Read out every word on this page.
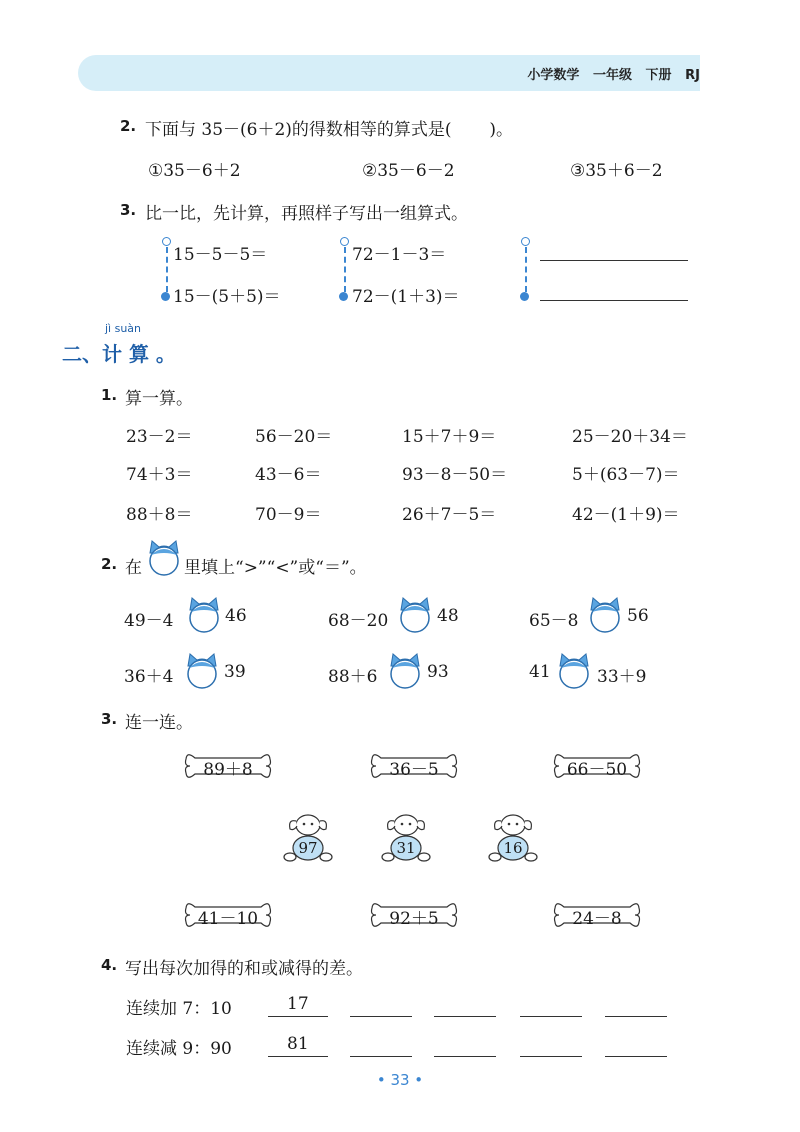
小学数学 一年级 下册 RJ
2. 下面与 35－(6＋2)的得数相等的算式是(       )。
①35－6＋2	②35－6－2	③35＋6－2
3. 比一比，先计算，再照样子写出一组算式。
15－5－5＝
15－(5＋5)＝
72－1－3＝
72－(1＋3)＝
jì suàn
二、计 算 。
1. 算一算。
23－2＝	56－20＝	15＋7＋9＝	25－20＋34＝
74＋3＝	43－6＝	93－8－50＝	5＋(63－7)＝
88＋8＝	70－9＝	26＋7－5＝	42－(1＋9)＝
2. 在 里填上“>”“<”或“＝”。
49－4	46	68－20	48	65－8	56
36＋4	39	88＋6	93	41	33＋9
3. 连一连。
89＋8	36－5	66－50
97	31	16
41－10	92＋5	24－8
4. 写出每次加得的和或减得的差。
连续加 7：10	17
连续减 9：90	81
• 33 •
